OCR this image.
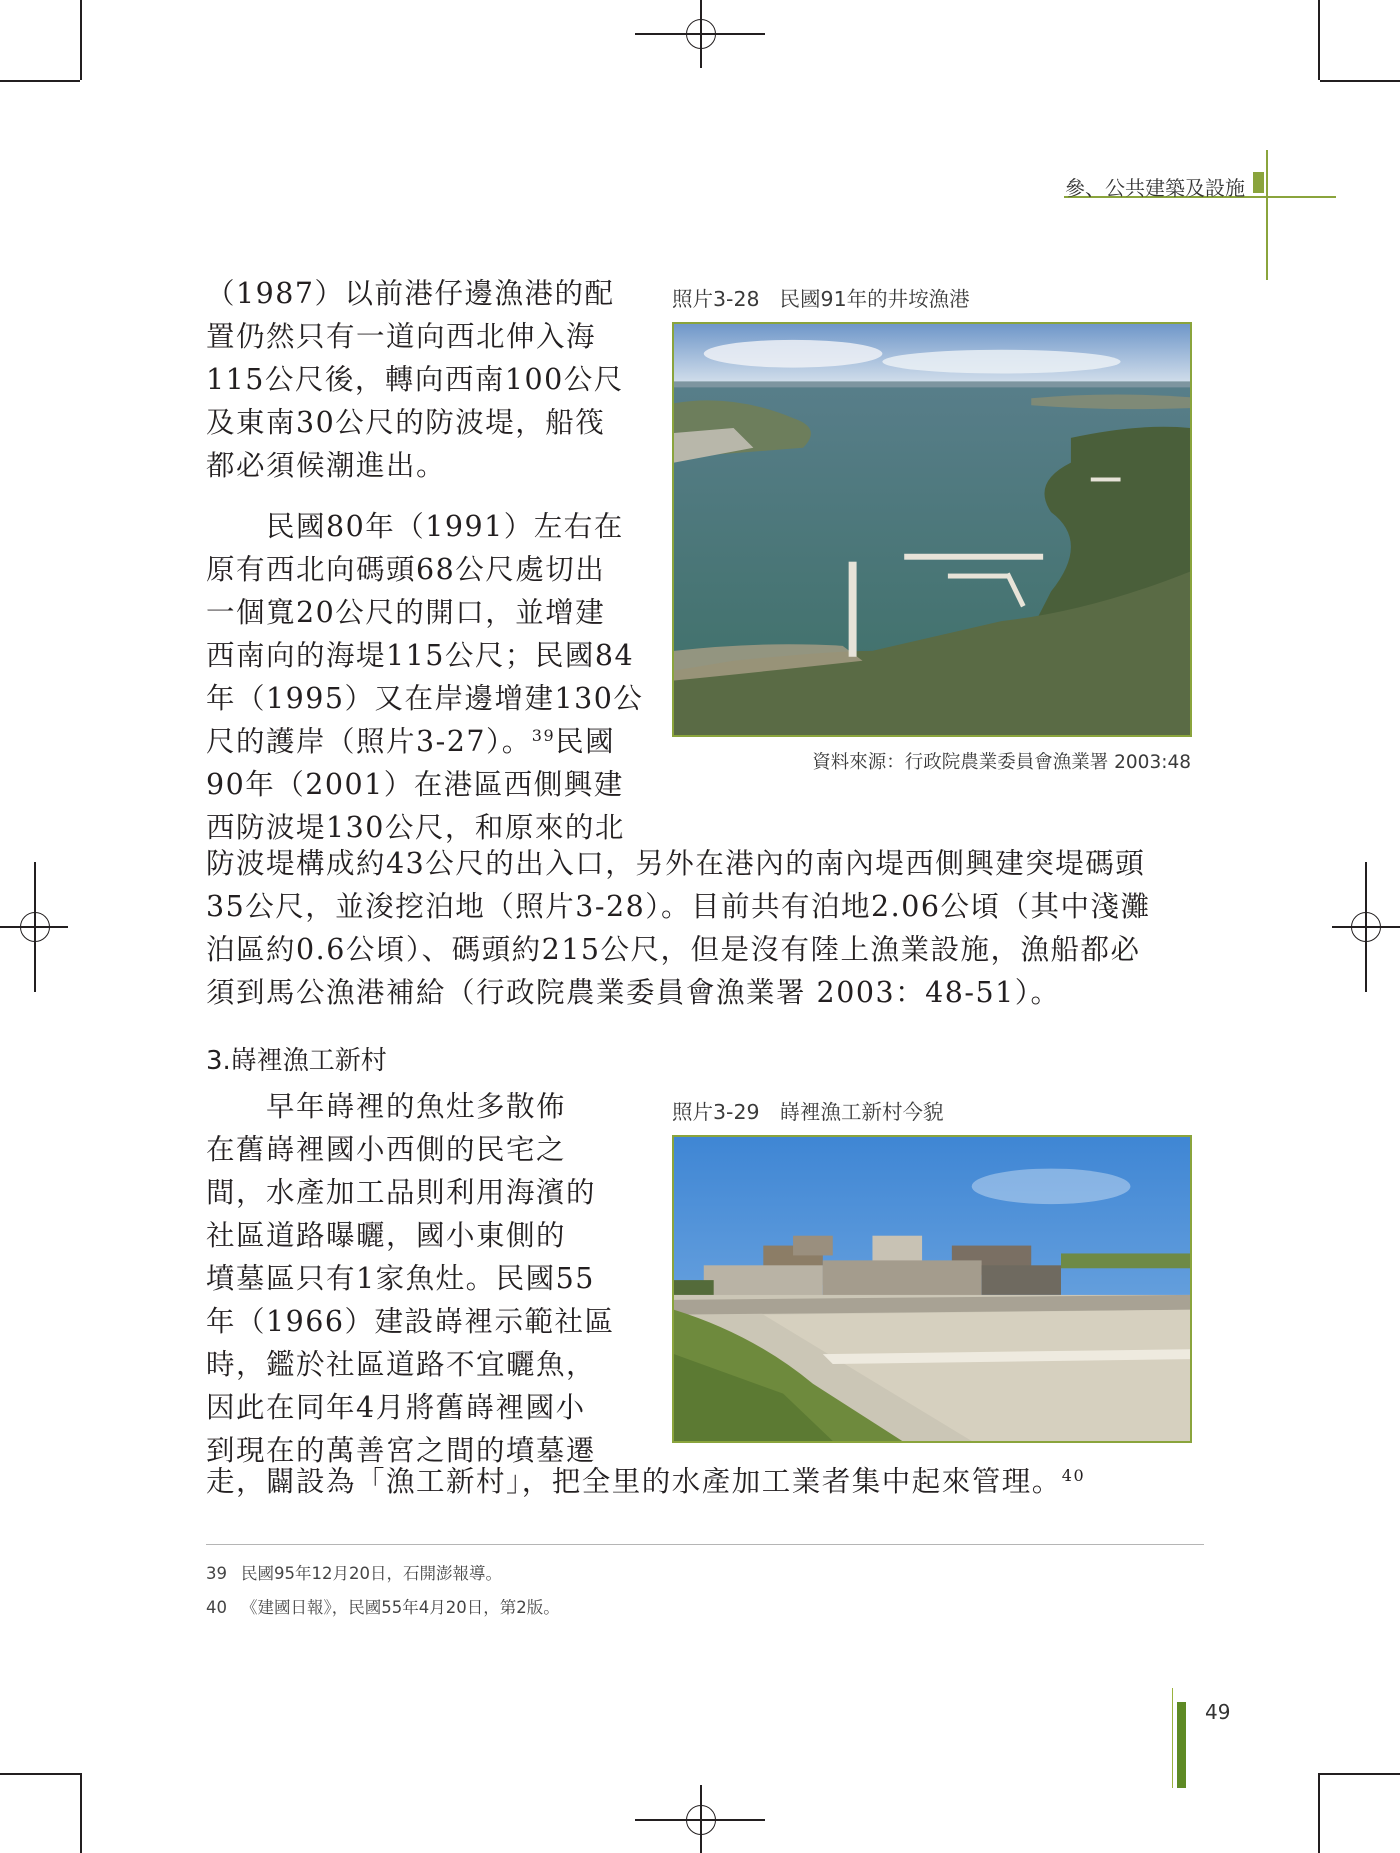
參、公共建築及設施
照片3-28 民國91年的井垵漁港
資料來源：行政院農業委員會漁業署 2003:48
（1987）以前港仔邊漁港的配
置仍然只有一道向西北伸入海
115公尺後，轉向西南100公尺
及東南30公尺的防波堤，船筏
都必須候潮進出。
　　民國80年（1991）左右在
原有西北向碼頭68公尺處切出
一個寬20公尺的開口，並增建
西南向的海堤115公尺；民國84
年（1995）又在岸邊增建130公
尺的護岸（照片3-27）。$^{39}$民國
90年（2001）在港區西側興建
西防波堤130公尺，和原來的北
防波堤構成約43公尺的出入口，另外在港內的南內堤西側興建突堤碼頭
35公尺，並浚挖泊地（照片3-28）。目前共有泊地2.06公頃（其中淺灘
泊區約0.6公頃）、碼頭約215公尺，但是沒有陸上漁業設施，漁船都必
須到馬公漁港補給（行政院農業委員會漁業署 2003：48-51）。
3.嵵裡漁工新村
照片3-29 嵵裡漁工新村今貌
　　早年嵵裡的魚灶多散佈
在舊嵵裡國小西側的民宅之
間，水產加工品則利用海濱的
社區道路曝曬，國小東側的
墳墓區只有1家魚灶。民國55
年（1966）建設嵵裡示範社區
時，鑑於社區道路不宜曬魚，
因此在同年4月將舊嵵裡國小
到現在的萬善宮之間的墳墓遷
走，闢設為「漁工新村」，把全里的水產加工業者集中起來管理。$^{40}$
39 民國95年12月20日，石開澎報導。
40 《建國日報》，民國55年4月20日，第2版。
49
